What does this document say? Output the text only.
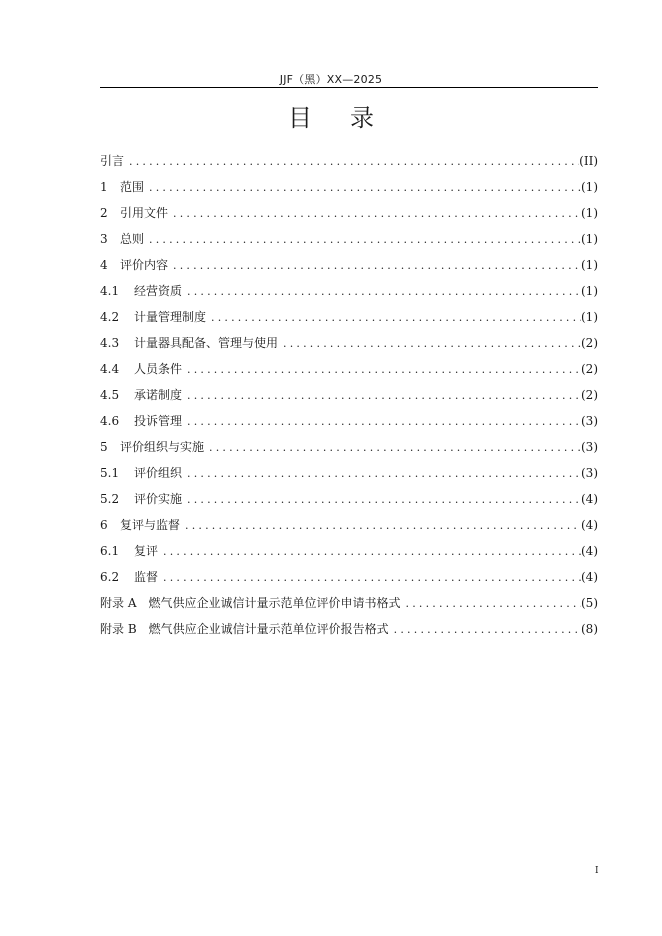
JJF（黑）XX—2025
目 录
引言 .....	(II)
1	范围 .....	(1)
2	引用文件 .....	(1)
3	总则 .....	(1)
4	评价内容 .....	(1)
4.1	经营资质 .....	(1)
4.2	计量管理制度 .....	(1)
4.3	计量器具配备、管理与使用 .....	(2)
4.4	人员条件 .....	(2)
4.5	承诺制度 .....	(2)
4.6	投诉管理 .....	(3)
5	评价组织与实施 .....	(3)
5.1	评价组织 .....	(3)
5.2	评价实施 .....	(4)
6	复评与监督 .....	(4)
6.1	复评 .....	(4)
6.2	监督 .....	(4)
附录 A	燃气供应企业诚信计量示范单位评价申请书格式 .....	(5)
附录 B	燃气供应企业诚信计量示范单位评价报告格式 .....	(8)
I
